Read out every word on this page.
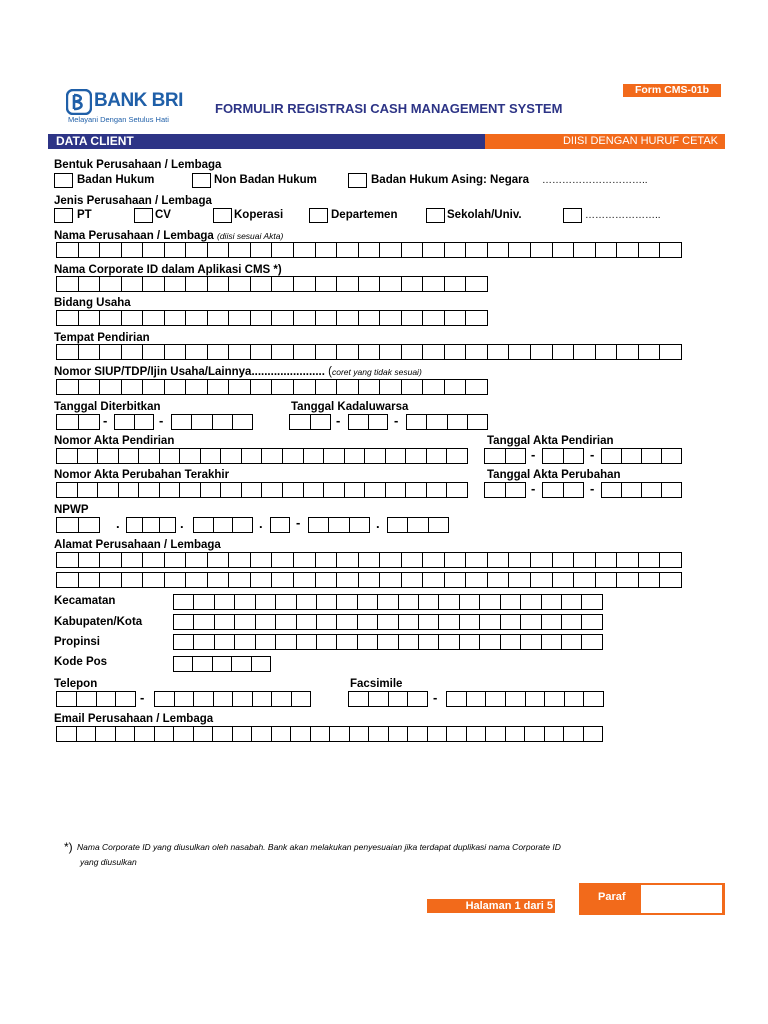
BANK BRI
Melayani Dengan Setulus Hati
Form CMS-01b
FORMULIR REGISTRASI CASH MANAGEMENT SYSTEM
DATA CLIENT	DIISI DENGAN HURUF CETAK
Bentuk Perusahaan / Lembaga
Badan Hukum	Non Badan Hukum	Badan Hukum Asing: Negara …………………………..
Jenis Perusahaan / Lembaga
PT	CV	Koperasi	Departemen	Sekolah/Univ.	…………………..
Nama Perusahaan / Lembaga (diisi sesuai Akta)
Nama Corporate ID dalam Aplikasi CMS *)
Bidang Usaha
Tempat Pendirian
Nomor SIUP/TDP/Ijin Usaha/Lainnya....................... (coret yang tidak sesuai)
Tanggal Diterbitkan
-	-
Tanggal Kadaluwarsa
-	-
Nomor Akta Pendirian	Tanggal Akta Pendirian
-	-
Nomor Akta Perubahan Terakhir	Tanggal Akta Perubahan
-	-
NPWP
.	.	.	-	.
Alamat Perusahaan / Lembaga
Kecamatan
Kabupaten/Kota
Propinsi
Kode Pos
Telepon
-
Facsimile
-
Email Perusahaan / Lembaga
*) Nama Corporate ID yang diusulkan oleh nasabah. Bank akan melakukan penyesuaian jika terdapat duplikasi nama Corporate ID
yang diusulkan
Halaman 1 dari 5
Paraf
